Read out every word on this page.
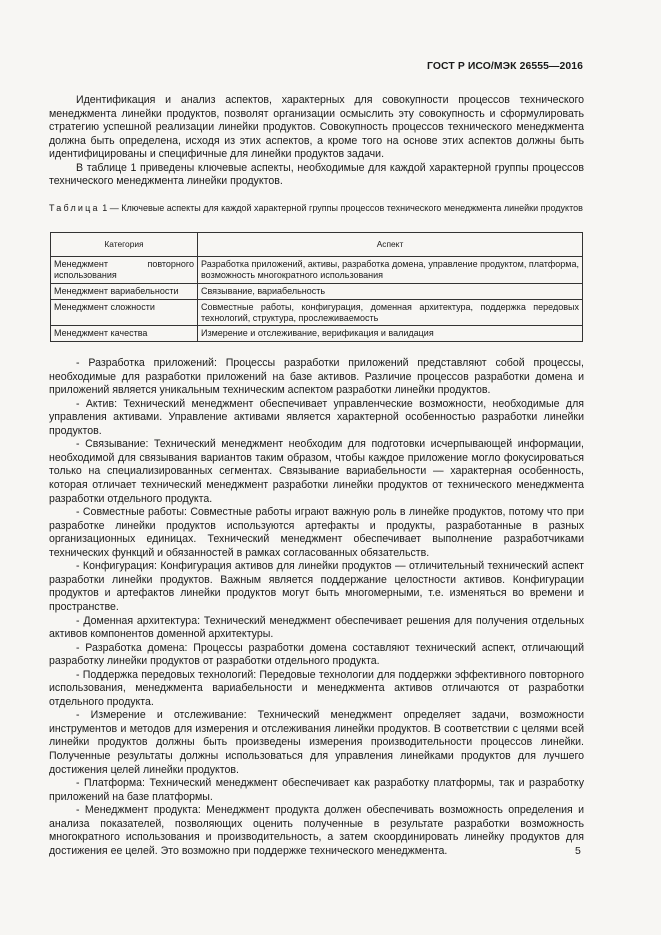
ГОСТ Р ИСО/МЭК 26555—2016

Идентификация и анализ аспектов, характерных для совокупности процессов технического менеджмента линейки продуктов, позволят организации осмыслить эту совокупность и сформулировать стратегию успешной реализации линейки продуктов. Совокупность процессов технического менеджмента должна быть определена, исходя из этих аспектов, а кроме того на основе этих аспектов должны быть идентифицированы и специфичные для линейки продуктов задачи.

В таблице 1 приведены ключевые аспекты, необходимые для каждой характерной группы процессов технического менеджмента линейки продуктов.

Таблица 1 — Ключевые аспекты для каждой характерной группы процессов технического менеджмента линейки продуктов

Категория	Аспект
Менеджмент повторного использования	Разработка приложений, активы, разработка домена, управление продуктом, платформа, возможность многократного использования
Менеджмент вариабельности	Связывание, вариабельность
Менеджмент сложности	Совместные работы, конфигурация, доменная архитектура, поддержка передовых технологий, структура, прослеживаемость
Менеджмент качества	Измерение и отслеживание, верификация и валидация

- Разработка приложений: Процессы разработки приложений представляют собой процессы, необходимые для разработки приложений на базе активов. Различие процессов разработки домена и приложений является уникальным техническим аспектом разработки линейки продуктов.

- Актив: Технический менеджмент обеспечивает управленческие возможности, необходимые для управления активами. Управление активами является характерной особенностью разработки линейки продуктов.

- Связывание: Технический менеджмент необходим для подготовки исчерпывающей информации, необходимой для связывания вариантов таким образом, чтобы каждое приложение могло фокусироваться только на специализированных сегментах. Связывание вариабельности — характерная особенность, которая отличает технический менеджмент разработки линейки продуктов от технического менеджмента разработки отдельного продукта.

- Совместные работы: Совместные работы играют важную роль в линейке продуктов, потому что при разработке линейки продуктов используются артефакты и продукты, разработанные в разных организационных единицах. Технический менеджмент обеспечивает выполнение разработчиками технических функций и обязанностей в рамках согласованных обязательств.

- Конфигурация: Конфигурация активов для линейки продуктов — отличительный технический аспект разработки линейки продуктов. Важным является поддержание целостности активов. Конфигурации продуктов и артефактов линейки продуктов могут быть многомерными, т.е. изменяться во времени и пространстве.

- Доменная архитектура: Технический менеджмент обеспечивает решения для получения отдельных активов компонентов доменной архитектуры.

- Разработка домена: Процессы разработки домена составляют технический аспект, отличающий разработку линейки продуктов от разработки отдельного продукта.

- Поддержка передовых технологий: Передовые технологии для поддержки эффективного повторного использования, менеджмента вариабельности и менеджмента активов отличаются от разработки отдельного продукта.

- Измерение и отслеживание: Технический менеджмент определяет задачи, возможности инструментов и методов для измерения и отслеживания линейки продуктов. В соответствии с целями всей линейки продуктов должны быть произведены измерения производительности процессов линейки. Полученные результаты должны использоваться для управления линейками продуктов для лучшего достижения целей линейки продуктов.

- Платформа: Технический менеджмент обеспечивает как разработку платформы, так и разработку приложений на базе платформы.

- Менеджмент продукта: Менеджмент продукта должен обеспечивать возможность определения и анализа показателей, позволяющих оценить полученные в результате разработки возможность многократного использования и производительность, а затем скоординировать линейку продуктов для достижения ее целей. Это возможно при поддержке технического менеджмента.	5
